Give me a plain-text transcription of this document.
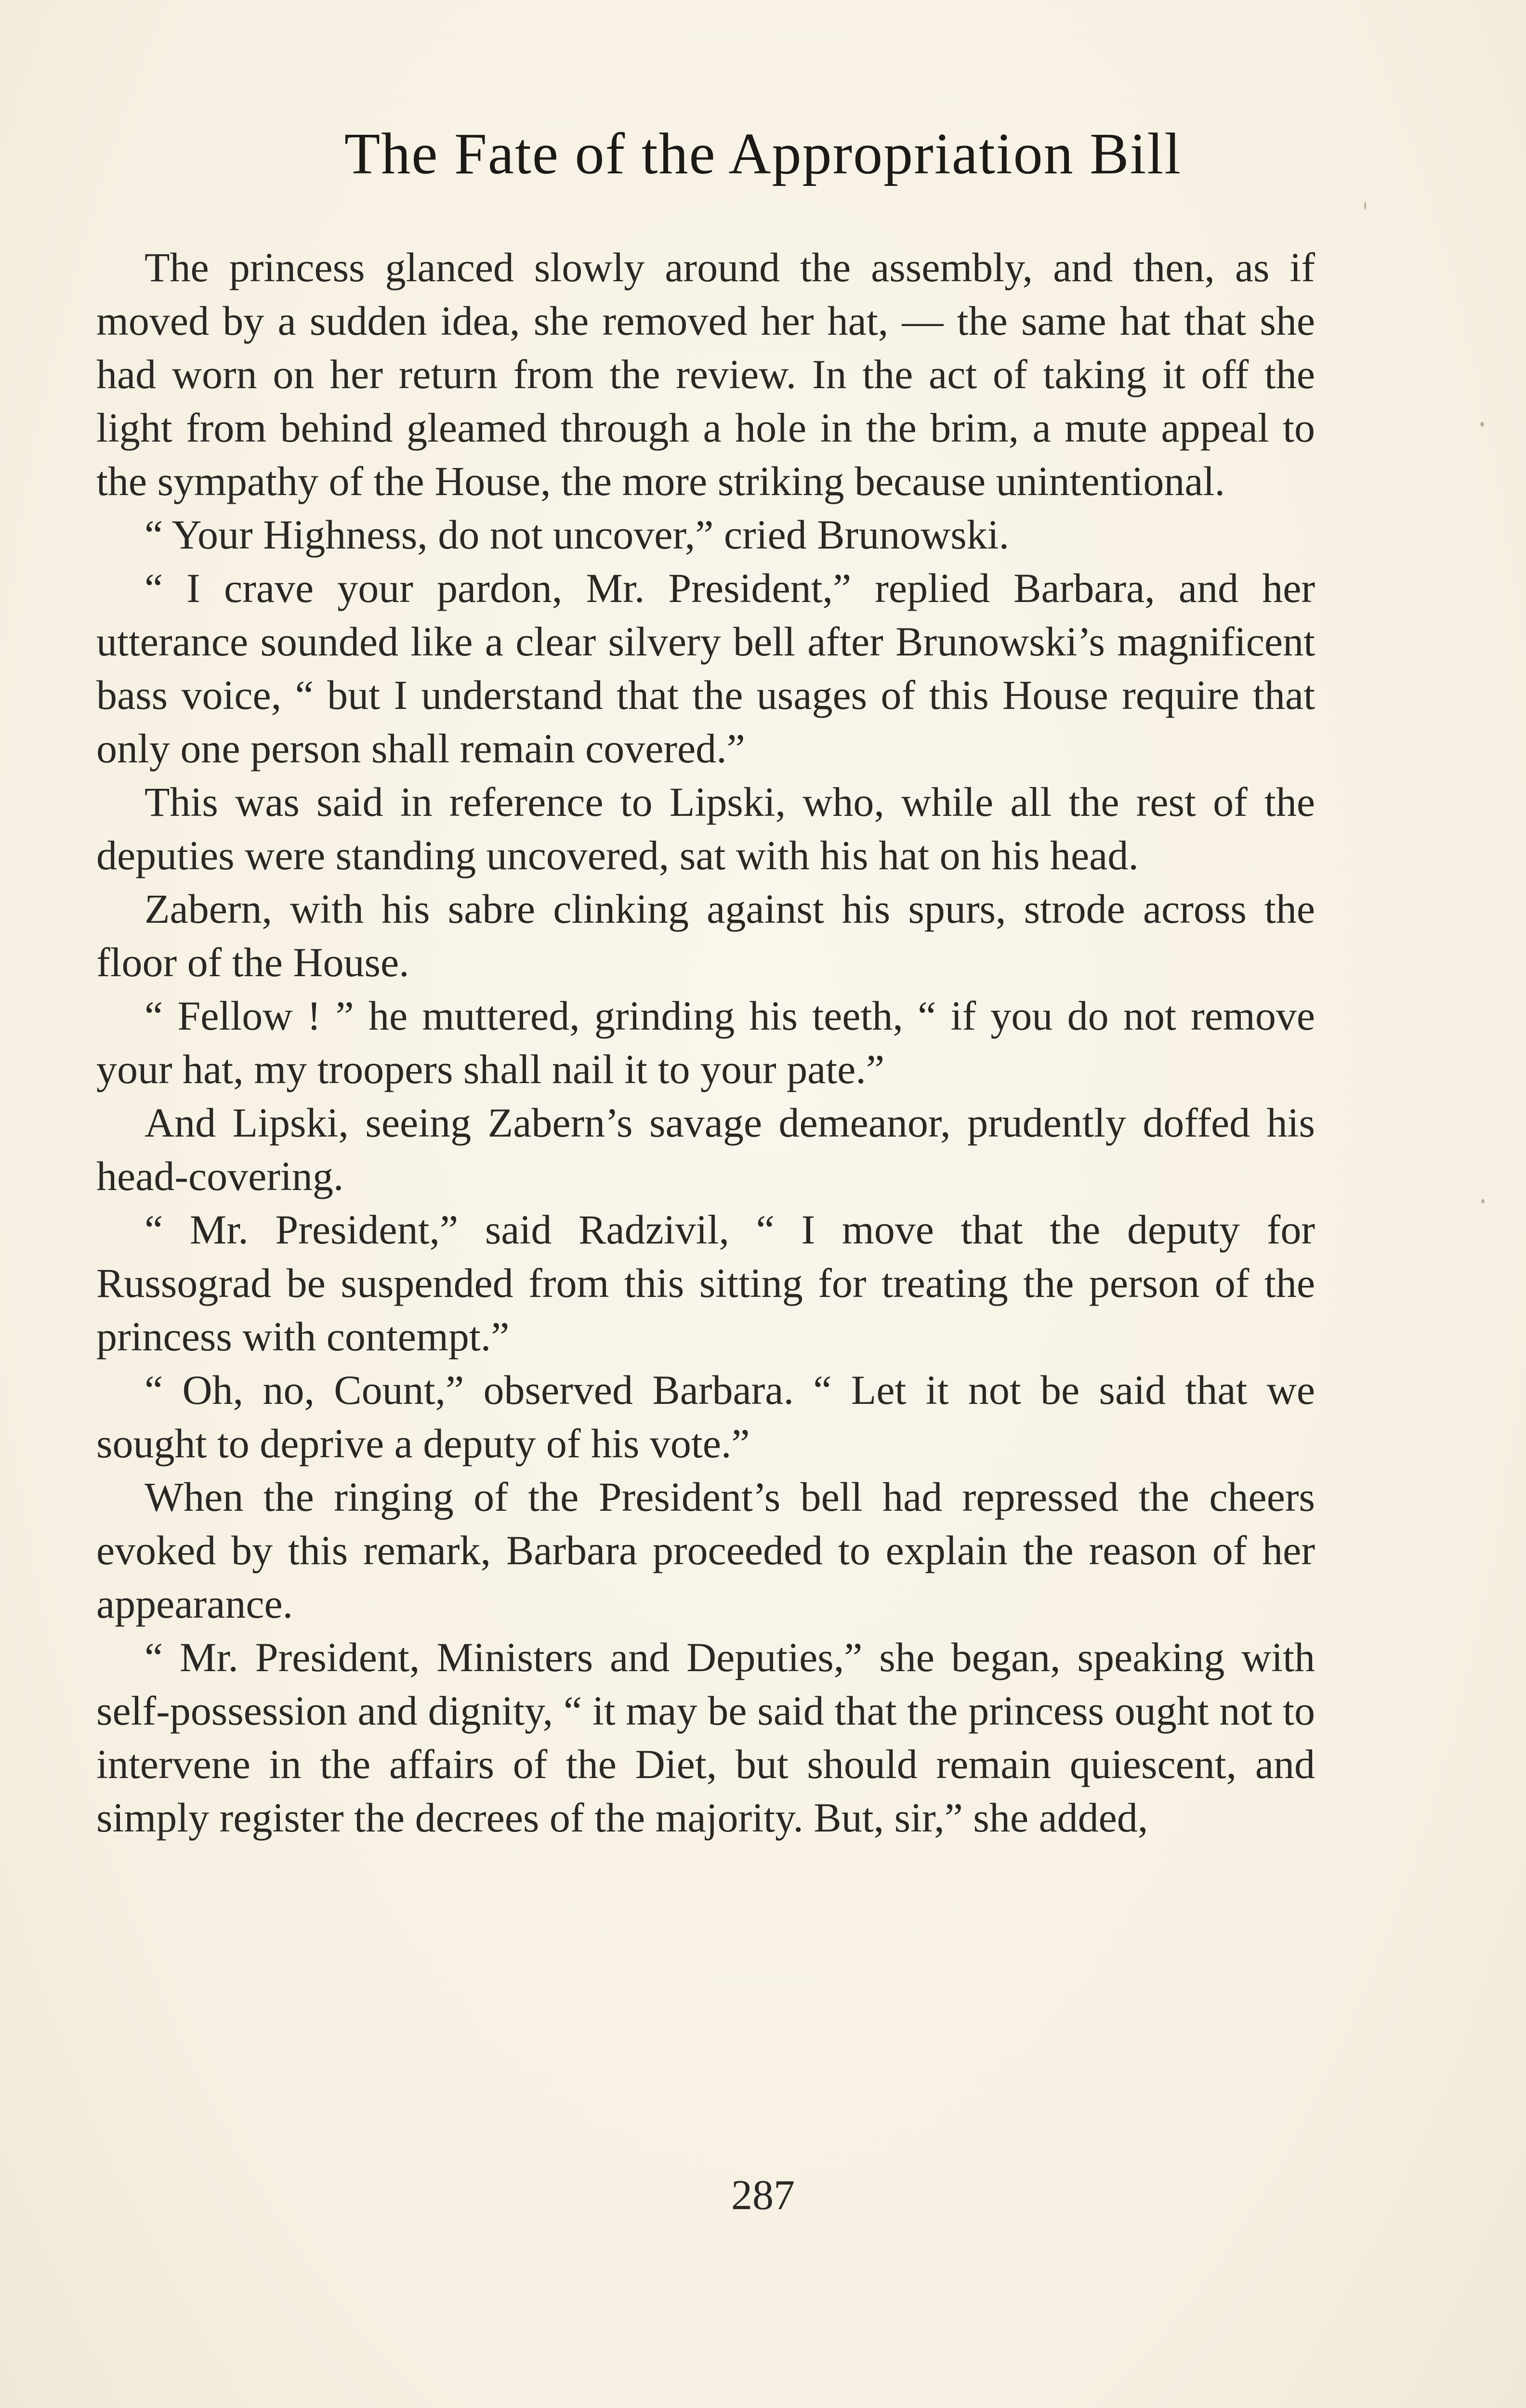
The Fate of the Appropriation Bill

The princess glanced slowly around the assembly, and then, as if moved by a sudden idea, she removed her hat, — the same hat that she had worn on her return from the review. In the act of taking it off the light from behind gleamed through a hole in the brim, a mute appeal to the sympathy of the House, the more striking because unintentional.

“ Your Highness, do not uncover,” cried Brunowski.

“ I crave your pardon, Mr. President,” replied Barbara, and her utterance sounded like a clear silvery bell after Brunowski’s magnificent bass voice, “ but I understand that the usages of this House require that only one person shall remain covered.”

This was said in reference to Lipski, who, while all the rest of the deputies were standing uncovered, sat with his hat on his head.

Zabern, with his sabre clinking against his spurs, strode across the floor of the House.

“ Fellow ! ” he muttered, grinding his teeth, “ if you do not remove your hat, my troopers shall nail it to your pate.”

And Lipski, seeing Zabern’s savage demeanor, prudently doffed his head-covering.

“ Mr. President,” said Radzivil, “ I move that the deputy for Russograd be suspended from this sitting for treating the person of the princess with contempt.”

“ Oh, no, Count,” observed Barbara. “ Let it not be said that we sought to deprive a deputy of his vote.”

When the ringing of the President’s bell had repressed the cheers evoked by this remark, Barbara proceeded to explain the reason of her appearance.

“ Mr. President, Ministers and Deputies,” she began, speaking with self-possession and dignity, “ it may be said that the princess ought not to intervene in the affairs of the Diet, but should remain quiescent, and simply register the decrees of the majority. But, sir,” she added,

287
